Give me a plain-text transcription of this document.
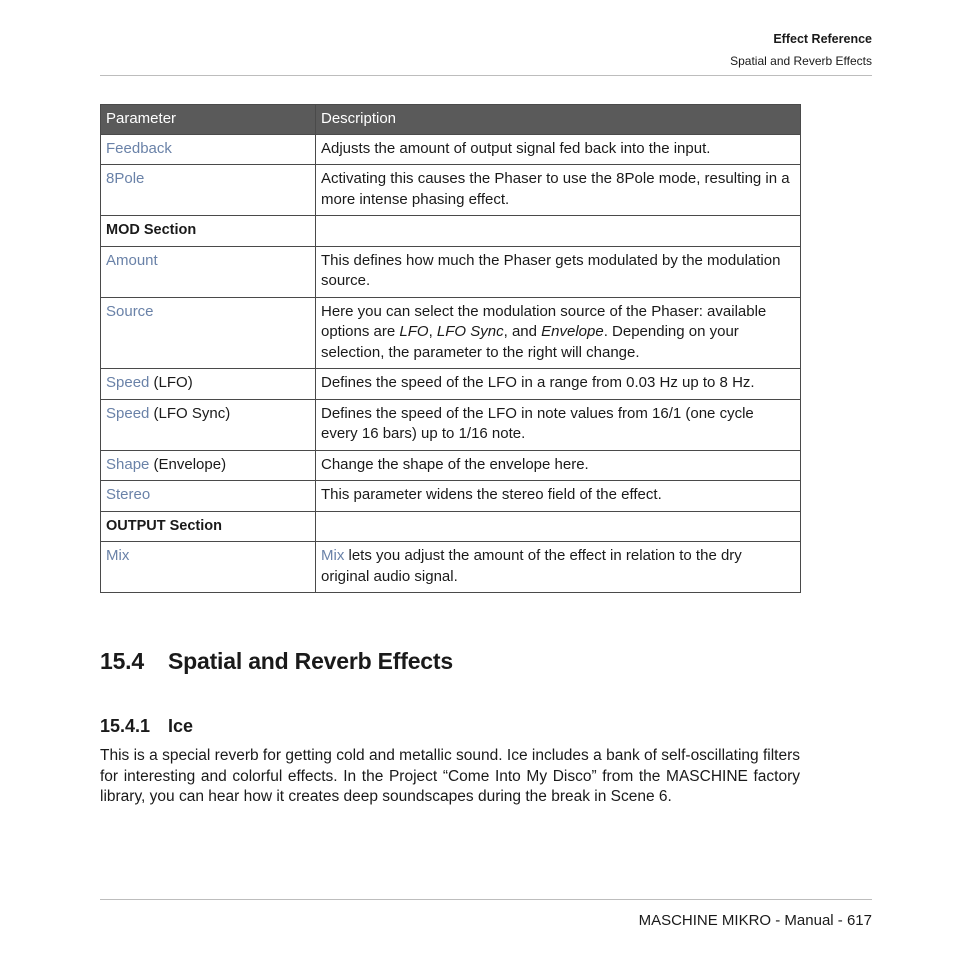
Effect Reference
Spatial and Reverb Effects
Parameter	Description
Feedback	Adjusts the amount of output signal fed back into the input.
8Pole	Activating this causes the Phaser to use the 8Pole mode, resulting in a more intense phasing effect.
MOD Section	
Amount	This defines how much the Phaser gets modulated by the modulation source.
Source	Here you can select the modulation source of the Phaser: available options are LFO, LFO Sync, and Envelope. Depending on your selection, the parameter to the right will change.
Speed (LFO)	Defines the speed of the LFO in a range from 0.03 Hz up to 8 Hz.
Speed (LFO Sync)	Defines the speed of the LFO in note values from 16/1 (one cycle every 16 bars) up to 1/16 note.
Shape (Envelope)	Change the shape of the envelope here.
Stereo	This parameter widens the stereo field of the effect.
OUTPUT Section	
Mix	Mix lets you adjust the amount of the effect in relation to the dry original audio signal.
15.4 Spatial and Reverb Effects
15.4.1 Ice

This is a special reverb for getting cold and metallic sound. Ice includes a bank of self-oscillating filters for interesting and colorful effects. In the Project “Come Into My Disco” from the MASCHINE factory library, you can hear how it creates deep soundscapes during the break in Scene 6.

MASCHINE MIKRO - Manual - 617
